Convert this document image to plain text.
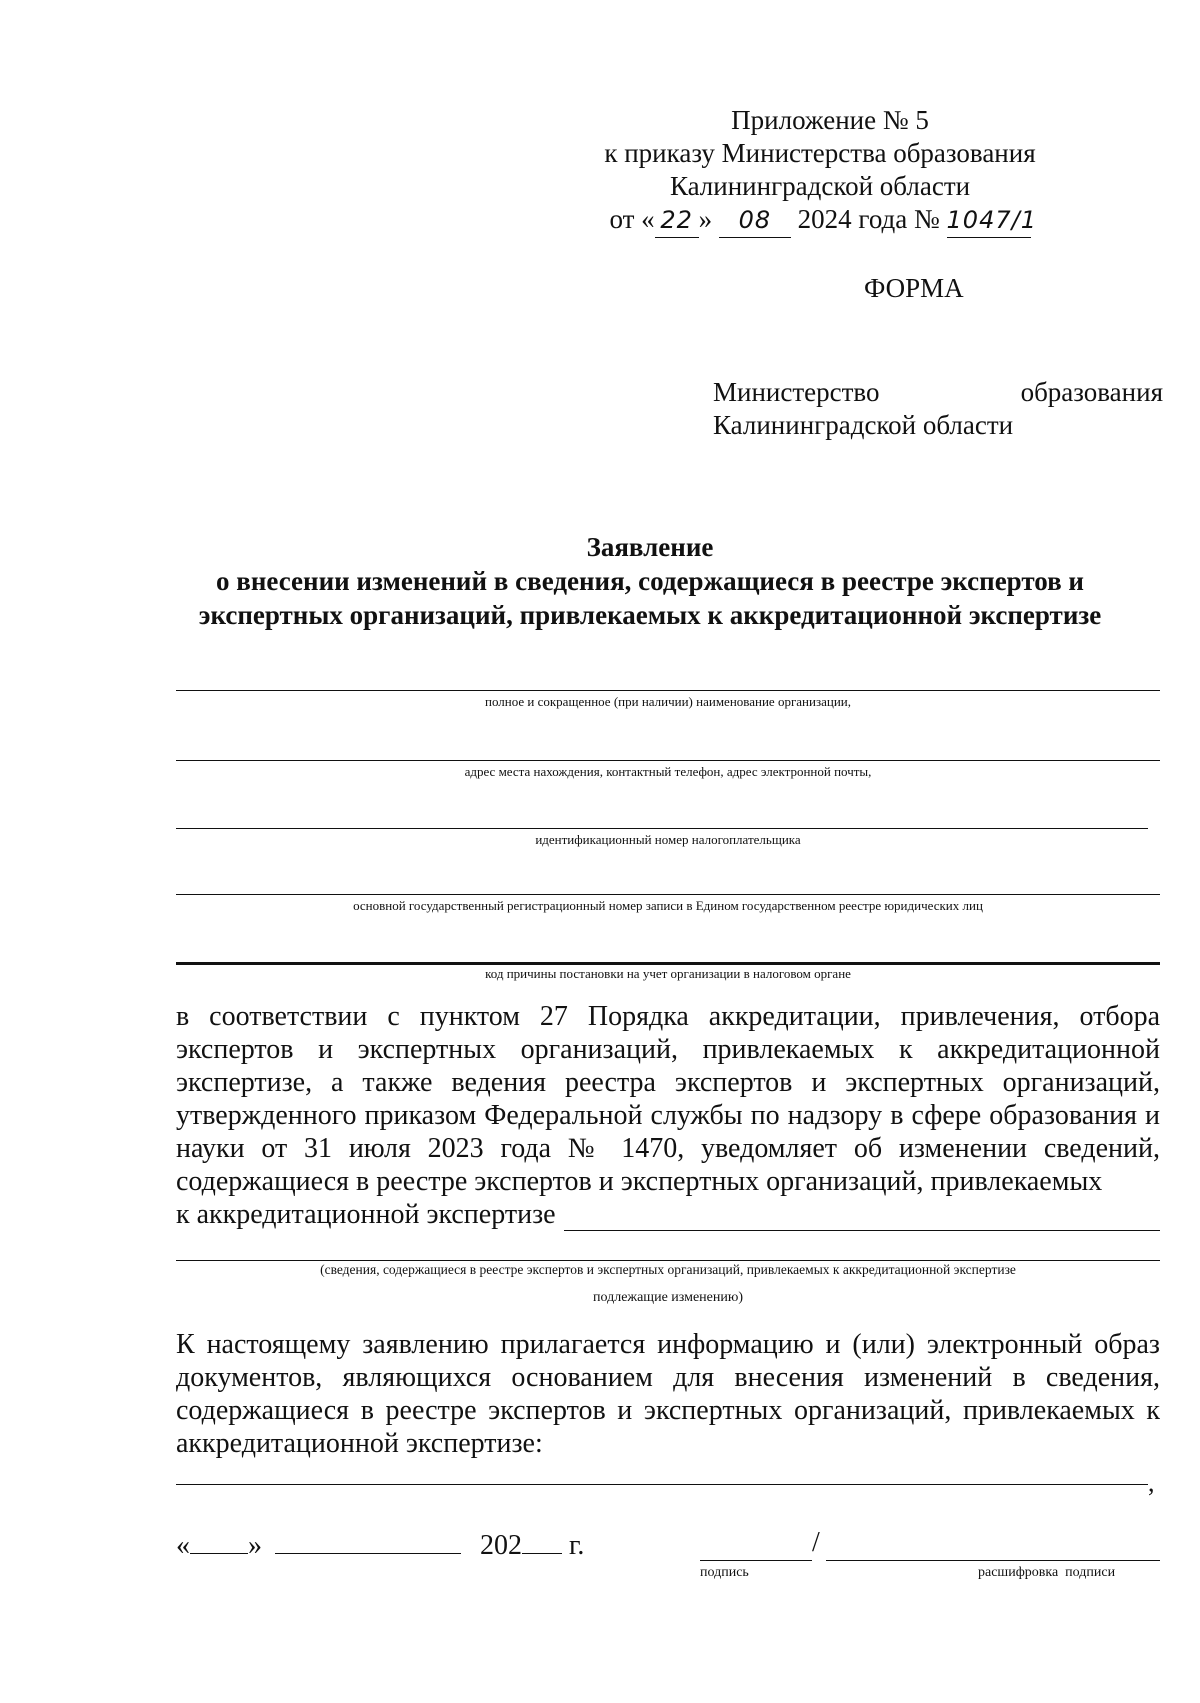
Приложение № 5
к приказу Министерства образования
Калининградской области
от « 22 » 08 2024 года № 1047/1
ФОРМА
Министерство	образования
Калининградской области
Заявление
о внесении изменений в сведения, содержащиеся в реестре экспертов и
экспертных организаций, привлекаемых к аккредитационной экспертизе
полное и сокращенное (при наличии) наименование организации,
адрес места нахождения, контактный телефон, адрес электронной почты,
идентификационный номер налогоплательщика
основной государственный регистрационный номер записи в Едином государственном реестре юридических лиц
код причины постановки на учет организации в налоговом органе
в соответствии с пунктом 27 Порядка аккредитации, привлечения, отбора экспертов и экспертных организаций, привлекаемых к аккредитационной экспертизе, а также ведения реестра экспертов и экспертных организаций, утвержденного приказом Федеральной службы по надзору в сфере образования и науки от 31 июля 2023 года № 1470, уведомляет об изменении сведений, содержащиеся в реестре экспертов и экспертных организаций, привлекаемых
к аккредитационной экспертизе
(сведения, содержащиеся в реестре экспертов и экспертных организаций, привлекаемых к аккредитационной экспертизе
подлежащие изменению)
К настоящему заявлению прилагается информацию и (или) электронный образ документов, являющихся основанием для внесения изменений в сведения, содержащиеся в реестре экспертов и экспертных организаций, привлекаемых к аккредитационной экспертизе:
,
« »	202 г.	/
подпись	расшифровка  подписи
